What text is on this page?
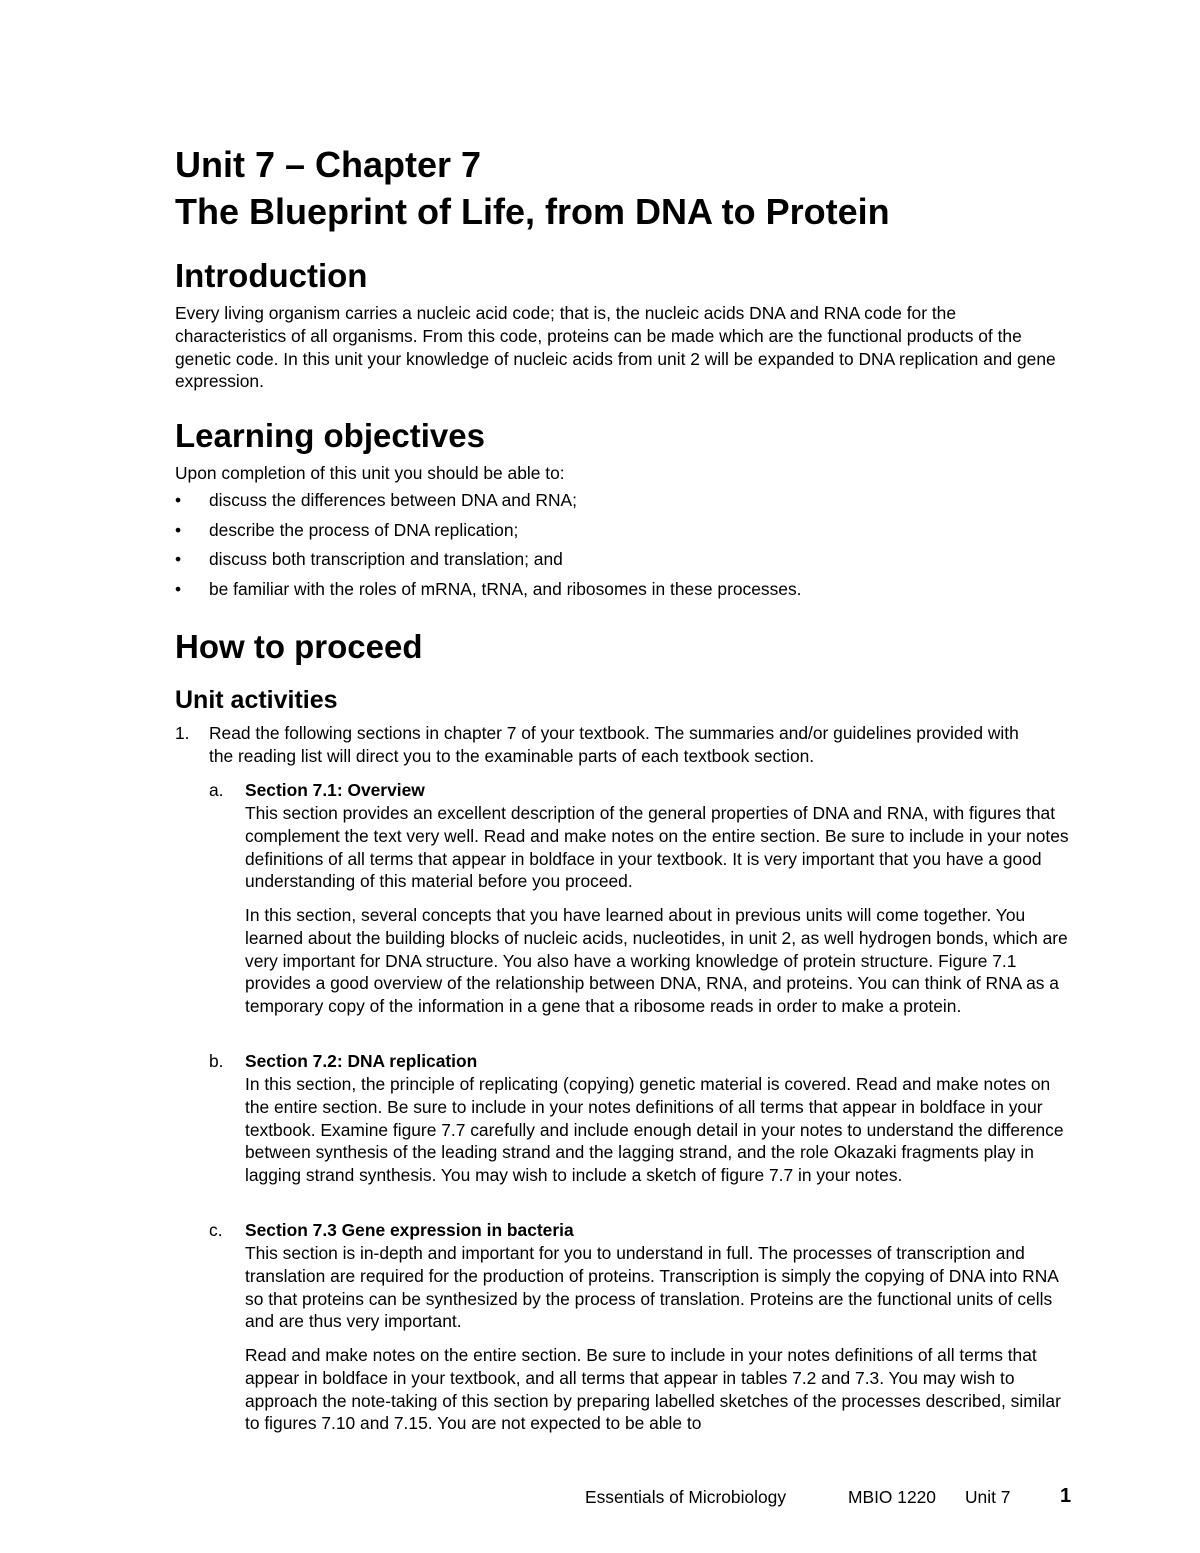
Unit 7 – Chapter 7
The Blueprint of Life, from DNA to Protein
Introduction

Every living organism carries a nucleic acid code; that is, the nucleic acids DNA and RNA code for the characteristics of all organisms. From this code, proteins can be made which are the functional products of the genetic code. In this unit your knowledge of nucleic acids from unit 2 will be expanded to DNA replication and gene expression.

Learning objectives

Upon completion of this unit you should be able to:

• discuss the differences between DNA and RNA;
• describe the process of DNA replication;
• discuss both transcription and translation; and
• be familiar with the roles of mRNA, tRNA, and ribosomes in these processes.
How to proceed
Unit activities
1. Read the following sections in chapter 7 of your textbook. The summaries and/or guidelines provided with the reading list will direct you to the examinable parts of each textbook section.

a. Section 7.1: Overview

This section provides an excellent description of the general properties of DNA and RNA, with figures that complement the text very well. Read and make notes on the entire section. Be sure to include in your notes definitions of all terms that appear in boldface in your textbook. It is very important that you have a good understanding of this material before you proceed.

In this section, several concepts that you have learned about in previous units will come together. You learned about the building blocks of nucleic acids, nucleotides, in unit 2, as well hydrogen bonds, which are very important for DNA structure. You also have a working knowledge of protein structure. Figure 7.1 provides a good overview of the relationship between DNA, RNA, and proteins. You can think of RNA as a temporary copy of the information in a gene that a ribosome reads in order to make a protein.

b. Section 7.2: DNA replication

In this section, the principle of replicating (copying) genetic material is covered. Read and make notes on the entire section. Be sure to include in your notes definitions of all terms that appear in boldface in your textbook. Examine figure 7.7 carefully and include enough detail in your notes to understand the difference between synthesis of the leading strand and the lagging strand, and the role Okazaki fragments play in lagging strand synthesis. You may wish to include a sketch of figure 7.7 in your notes.

c. Section 7.3 Gene expression in bacteria

This section is in-depth and important for you to understand in full. The processes of transcription and translation are required for the production of proteins. Transcription is simply the copying of DNA into RNA so that proteins can be synthesized by the process of translation. Proteins are the functional units of cells and are thus very important.

Read and make notes on the entire section. Be sure to include in your notes definitions of all terms that appear in boldface in your textbook, and all terms that appear in tables 7.2 and 7.3. You may wish to approach the note-taking of this section by preparing labelled sketches of the processes described, similar to figures 7.10 and 7.15. You are not expected to be able to

Essentials of Microbiology	MBIO 1220 Unit 7 1
